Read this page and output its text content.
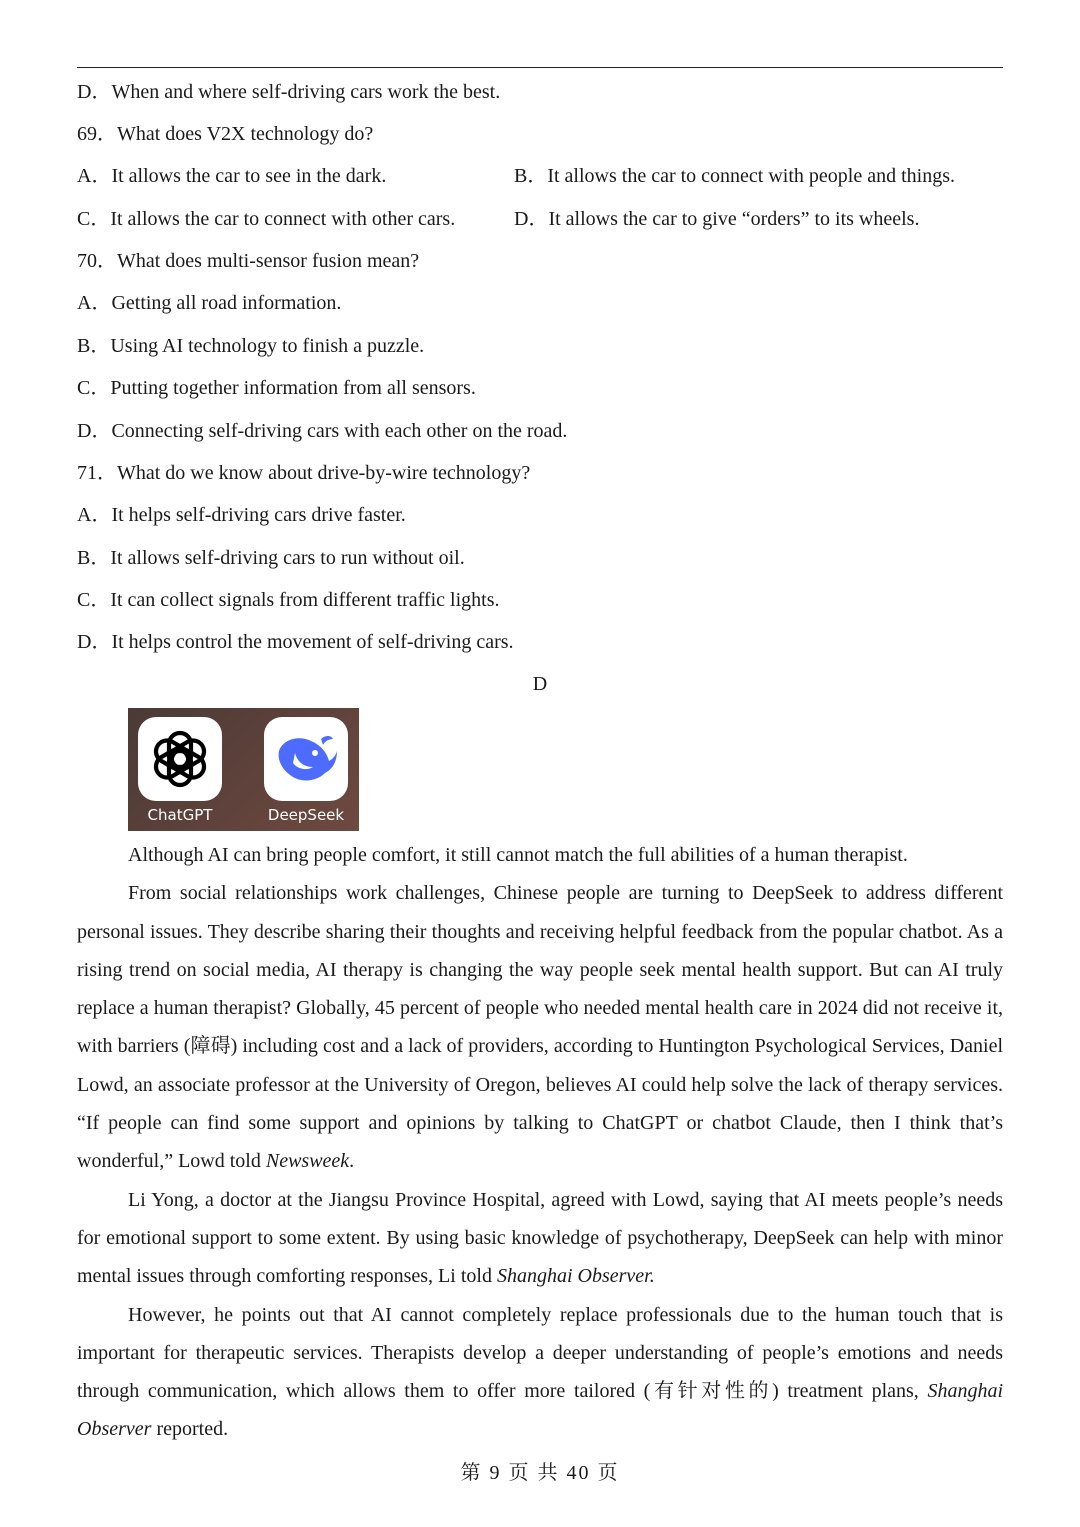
D．When and where self-driving cars work the best.
69．What does V2X technology do?
A．It allows the car to see in the dark.	B．It allows the car to connect with people and things.
C．It allows the car to connect with other cars.	D．It allows the car to give “orders” to its wheels.
70．What does multi-sensor fusion mean?
A．Getting all road information.
B．Using AI technology to finish a puzzle.
C．Putting together information from all sensors.
D．Connecting self-driving cars with each other on the road.
71．What do we know about drive-by-wire technology?
A．It helps self-driving cars drive faster.
B．It allows self-driving cars to run without oil.
C．It can collect signals from different traffic lights.
D．It helps control the movement of self-driving cars.
D
ChatGPT	DeepSeek

Although AI can bring people comfort, it still cannot match the full abilities of a human therapist.

From social relationships work challenges, Chinese people are turning to DeepSeek to address different personal issues. They describe sharing their thoughts and receiving helpful feedback from the popular chatbot. As a rising trend on social media, AI therapy is changing the way people seek mental health support. But can AI truly replace a human therapist? Globally, 45 percent of people who needed mental health care in 2024 did not receive it, with barriers (障碍) including cost and a lack of providers, according to Huntington Psychological Services, Daniel Lowd, an associate professor at the University of Oregon, believes AI could help solve the lack of therapy services. “If people can find some support and opinions by talking to ChatGPT or chatbot Claude, then I think that’s wonderful,” Lowd told Newsweek.

Li Yong, a doctor at the Jiangsu Province Hospital, agreed with Lowd, saying that AI meets people’s needs for emotional support to some extent. By using basic knowledge of psychotherapy, DeepSeek can help with minor mental issues through comforting responses, Li told Shanghai Observer.

However, he points out that AI cannot completely replace professionals due to the human touch that is important for therapeutic services. Therapists develop a deeper understanding of people’s emotions and needs through communication, which allows them to offer more tailored (有针对性的) treatment plans, Shanghai Observer reported.

第 9 页 共 40 页
